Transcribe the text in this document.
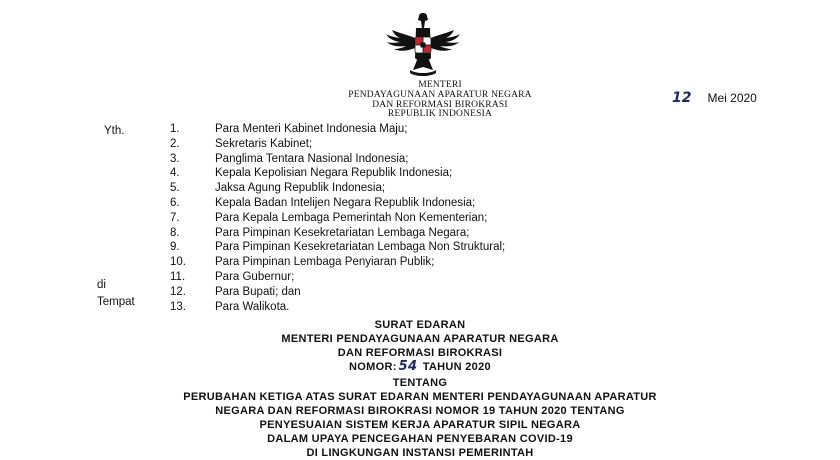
MENTERI
PENDAYAGUNAAN APARATUR NEGARA
DAN REFORMASI BIROKRASI
REPUBLIK INDONESIA
12 Mei 2020
Yth.	1.	Para Menteri Kabinet Indonesia Maju;
2.	Sekretaris Kabinet;
3.	Panglima Tentara Nasional Indonesia;
4.	Kepala Kepolisian Negara Republik Indonesia;
5.	Jaksa Agung Republik Indonesia;
6.	Kepala Badan Intelijen Negara Republik Indonesia;
7.	Para Kepala Lembaga Pemerintah Non Kementerian;
8.	Para Pimpinan Kesekretariatan Lembaga Negara;
9.	Para Pimpinan Kesekretariatan Lembaga Non Struktural;
10.	Para Pimpinan Lembaga Penyiaran Publik;
11.	Para Gubernur;
12.	Para Bupati; dan
13.	Para Walikota.
di
Tempat
SURAT EDARAN
MENTERI PENDAYAGUNAAN APARATUR NEGARA
DAN REFORMASI BIROKRASI
NOMOR: 54 TAHUN 2020
TENTANG
PERUBAHAN KETIGA ATAS SURAT EDARAN MENTERI PENDAYAGUNAAN APARATUR
NEGARA DAN REFORMASI BIROKRASI NOMOR 19 TAHUN 2020 TENTANG
PENYESUAIAN SISTEM KERJA APARATUR SIPIL NEGARA
DALAM UPAYA PENCEGAHAN PENYEBARAN COVID-19
DI LINGKUNGAN INSTANSI PEMERINTAH
